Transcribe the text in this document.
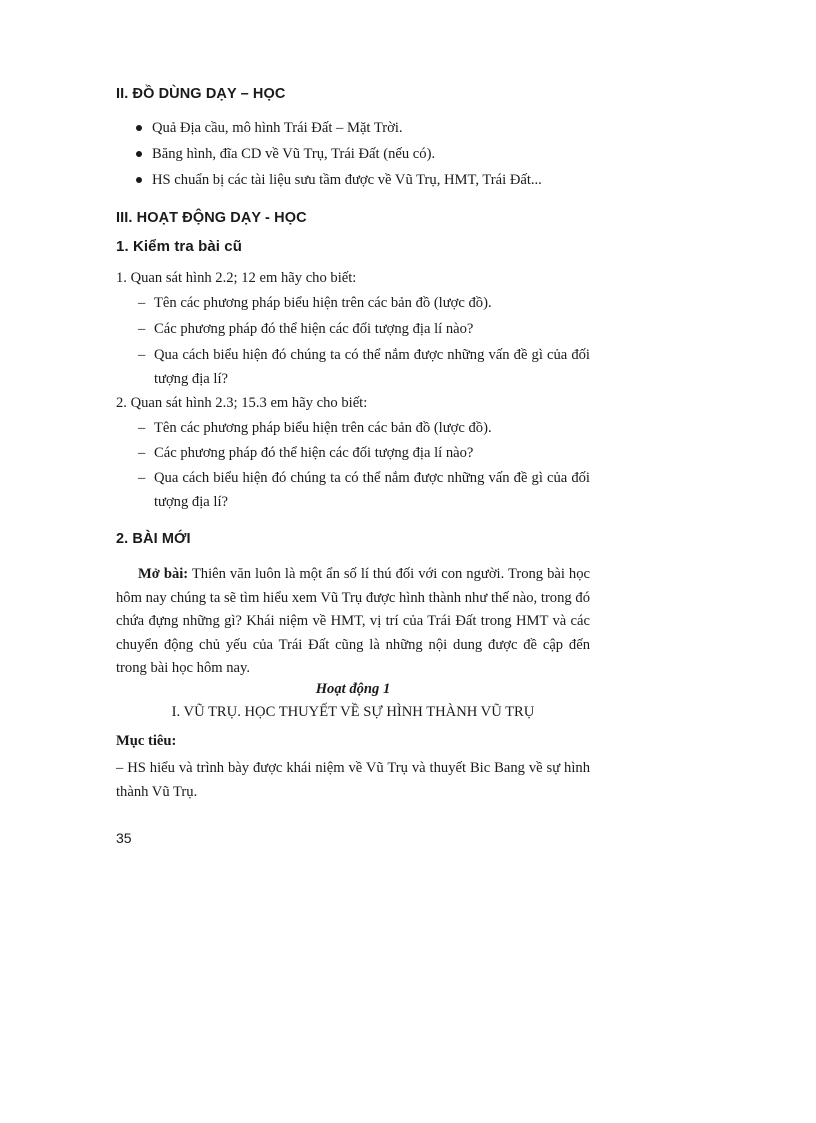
II. ĐỒ DÙNG DẠY – HỌC
Quả Địa cầu, mô hình Trái Đất – Mặt Trời.
Băng hình, đĩa CD về Vũ Trụ, Trái Đất (nếu có).
HS chuẩn bị các tài liệu sưu tầm được về Vũ Trụ, HMT, Trái Đất...
III. HOẠT ĐỘNG DẠY - HỌC
1. Kiểm tra bài cũ
1. Quan sát hình 2.2; 12 em hãy cho biết:
– Tên các phương pháp biểu hiện trên các bản đồ (lược đồ).
– Các phương pháp đó thể hiện các đối tượng địa lí nào?
– Qua cách biểu hiện đó chúng ta có thể nắm được những vấn đề gì của đối tượng địa lí?
2. Quan sát hình 2.3; 15.3 em hãy cho biết:
– Tên các phương pháp biểu hiện trên các bản đồ (lược đồ).
– Các phương pháp đó thể hiện các đối tượng địa lí nào?
– Qua cách biểu hiện đó chúng ta có thể nắm được những vấn đề gì của đối tượng địa lí?
2. BÀI MỚI
Mở bài: Thiên văn luôn là một ẩn số lí thú đối với con người. Trong bài học hôm nay chúng ta sẽ tìm hiểu xem Vũ Trụ được hình thành như thế nào, trong đó chứa đựng những gì? Khái niệm về HMT, vị trí của Trái Đất trong HMT và các chuyển động chủ yếu của Trái Đất cũng là những nội dung được đề cập đến trong bài học hôm nay.
Hoạt động 1
I. VŨ TRỤ. HỌC THUYẾT VỀ SỰ HÌNH THÀNH VŨ TRỤ
Mục tiêu:
– HS hiểu và trình bày được khái niệm về Vũ Trụ và thuyết Bic Bang về sự hình thành Vũ Trụ.
35
